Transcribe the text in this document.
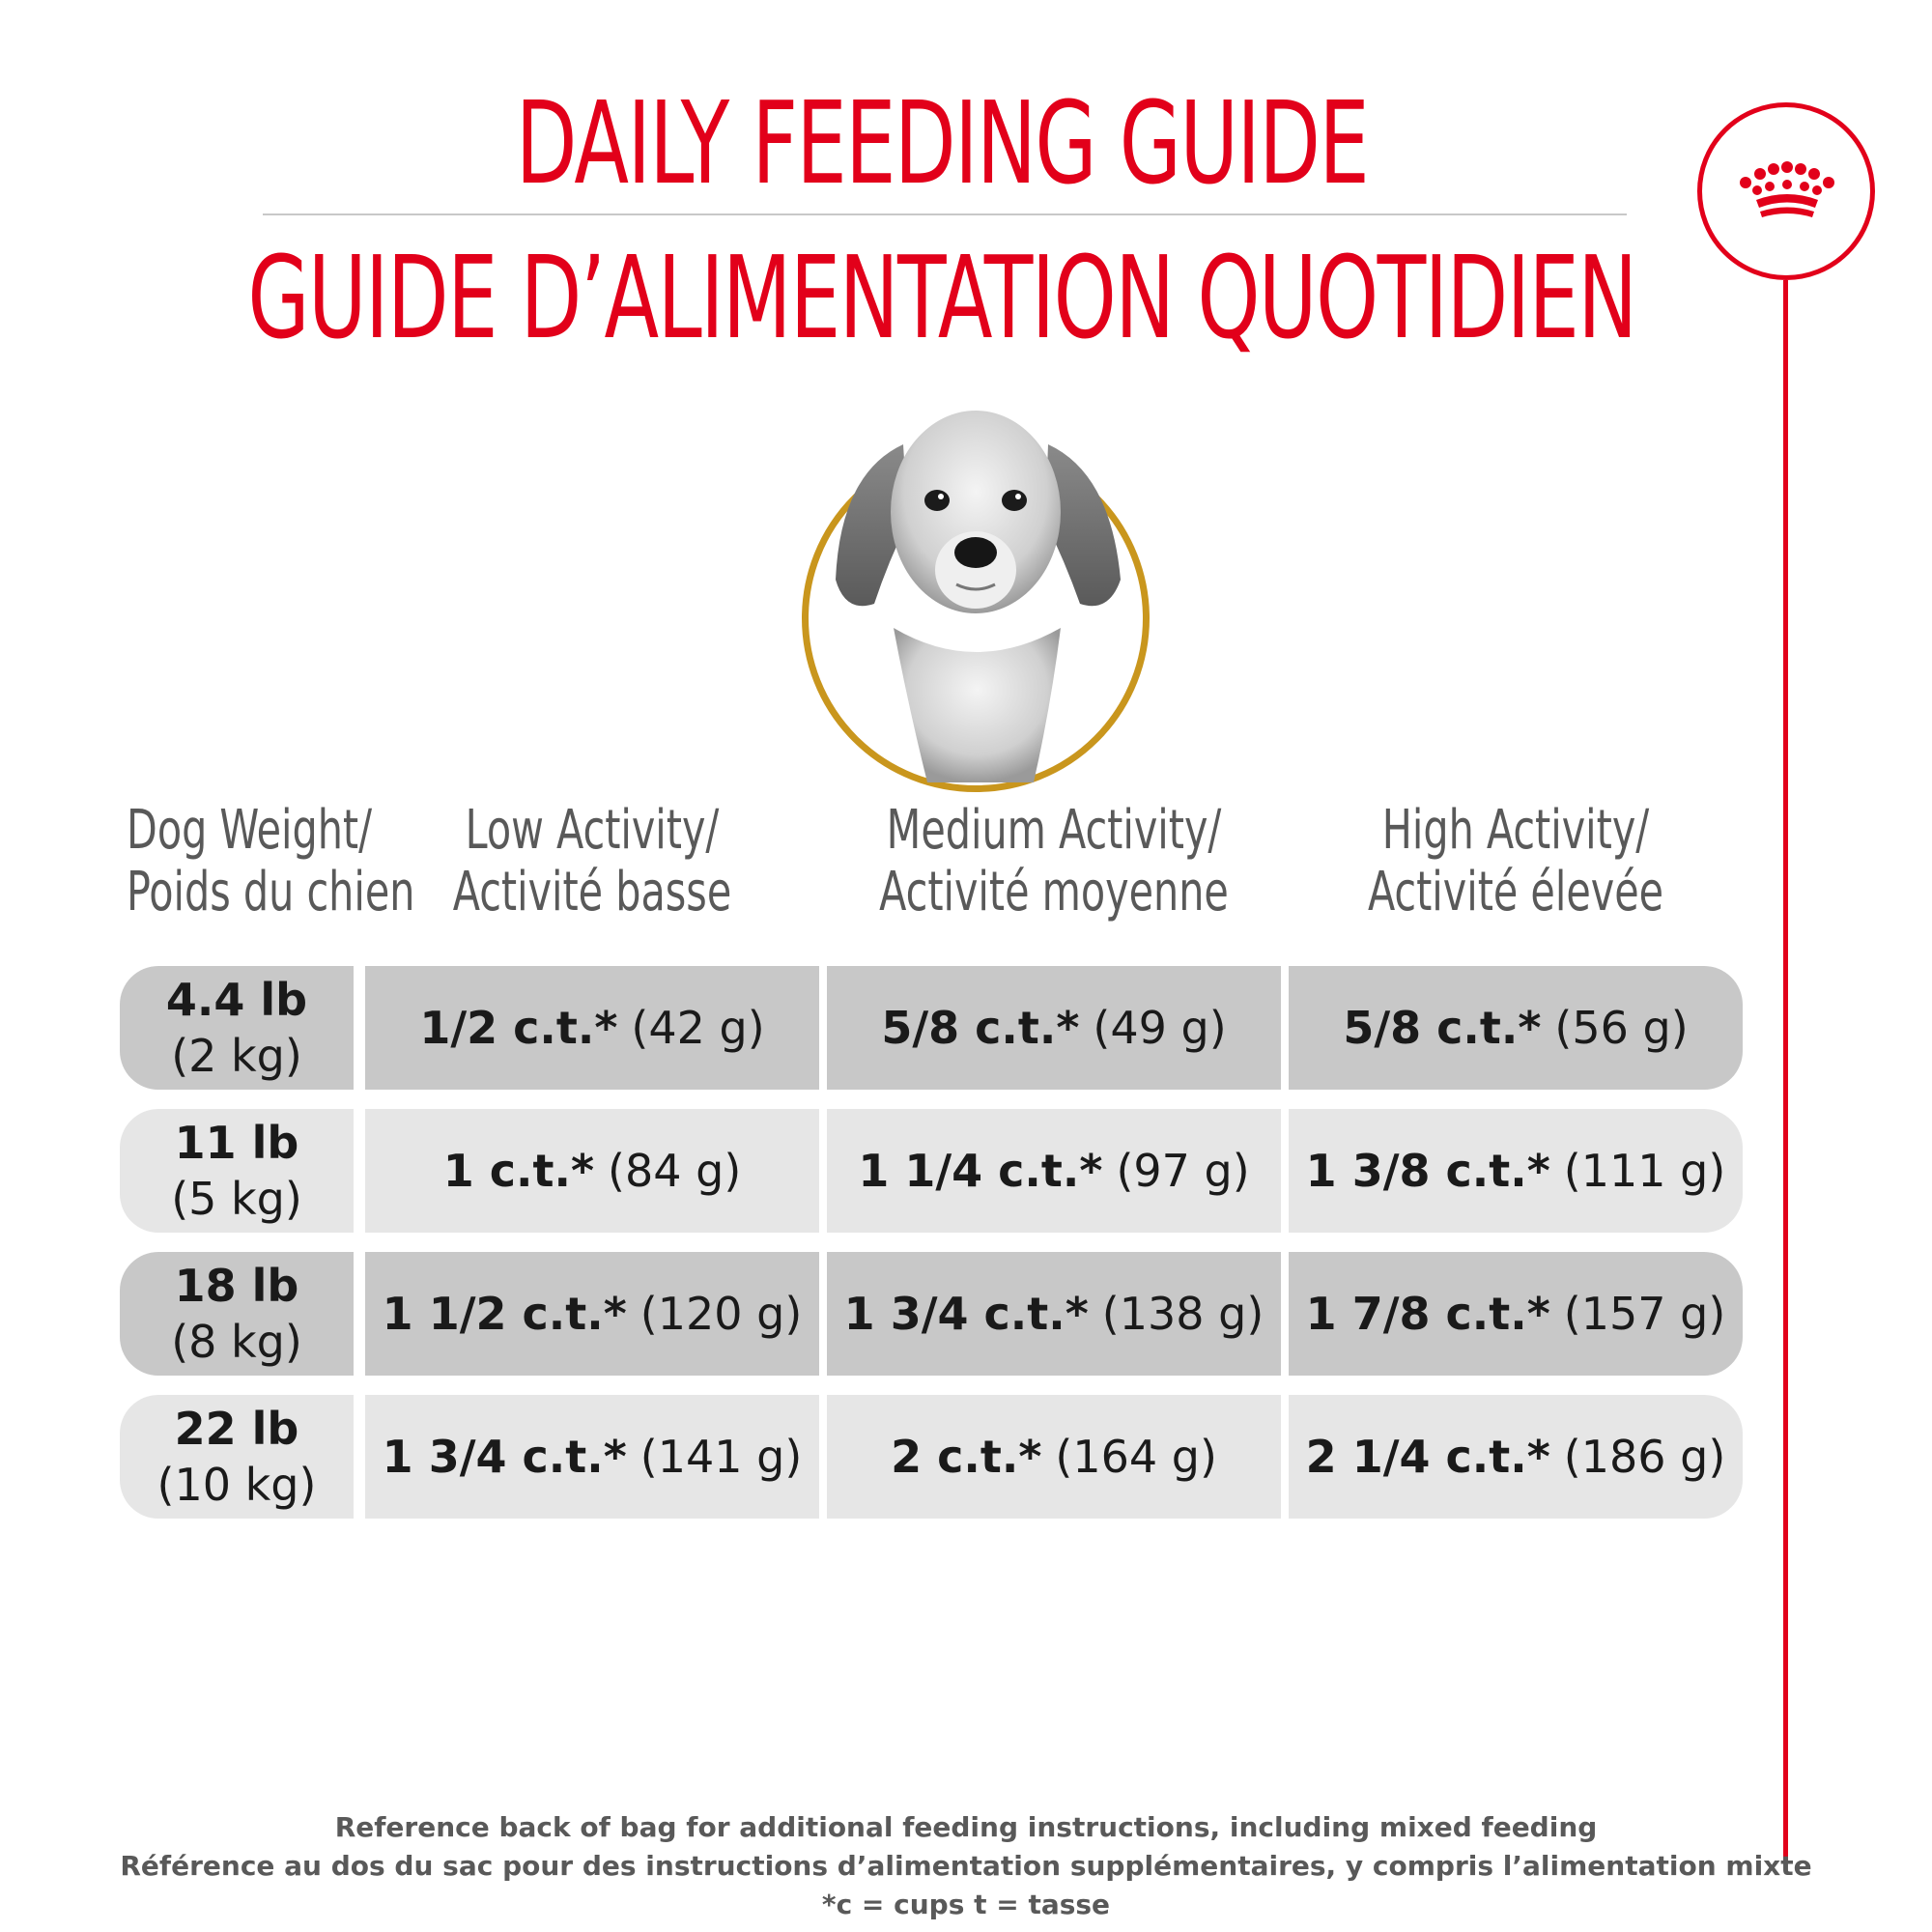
DAILY FEEDING GUIDE
GUIDE D’ALIMENTATION QUOTIDIEN
Dog Weight/
Poids du chien
Low Activity/
Activité basse
Medium Activity/
Activité moyenne
High Activity/
Activité élevée
4.4 lb
(2 kg)
1/2 c.t.* (42 g)	5/8 c.t.* (49 g)	5/8 c.t.* (56 g)
11 lb
(5 kg)
1 c.t.* (84 g)	1 1/4 c.t.* (97 g) 1 3/8 c.t.* (111 g)
18 lb
(8 kg)
1 1/2 c.t.* (120 g) 1 3/4 c.t.* (138 g) 1 7/8 c.t.* (157 g)
22 lb
(10 kg)
1 3/4 c.t.* (141 g) 2 c.t.* (164 g) 2 1/4 c.t.* (186 g)
Reference back of bag for additional feeding instructions, including mixed feeding
Référence au dos du sac pour des instructions d’alimentation supplémentaires, y compris l’alimentation mixte
*c = cups t = tasse
